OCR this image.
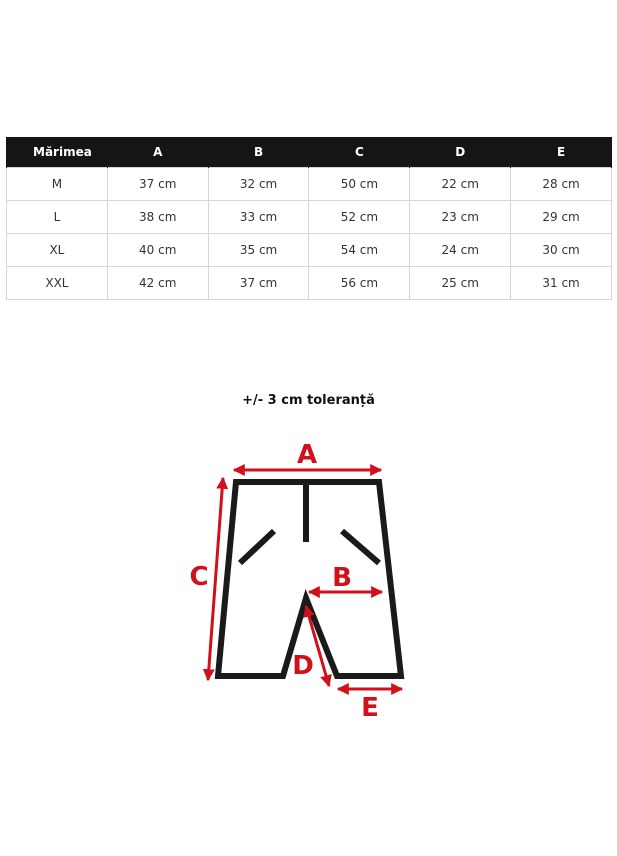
Mărimea	A	B	C	D	E
M	37 cm	32 cm	50 cm	22 cm	28 cm
L	38 cm	33 cm	52 cm	23 cm	29 cm
XL	40 cm	35 cm	54 cm	24 cm	30 cm
XXL	42 cm	37 cm	56 cm	25 cm	31 cm
+/- 3 cm toleranță
A
B
C
D
E
